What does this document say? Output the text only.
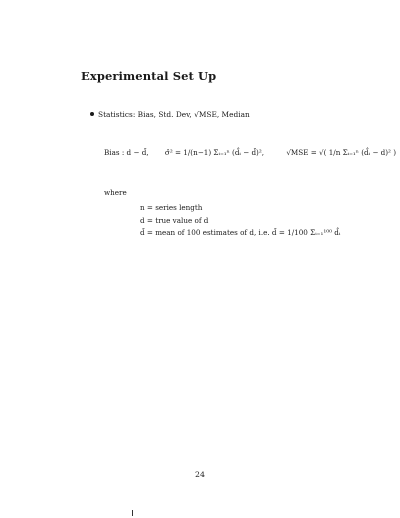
Experimental Set Up
Statistics: Bias, Std. Dev, √MSE, Median
Bias : d − d̄, σ̂² = 1/(n−1) Σᵢ₌₁ⁿ (d̂ᵢ − d̄)²,	√MSE = √( 1/n Σᵢ₌₁ⁿ (d̂ᵢ − d)² )
where
n = series length
d = true value of d
d̄ = mean of 100 estimates of d, i.e. d̄ = 1/100 Σᵢ₌₁¹⁰⁰ d̂ᵢ
24
